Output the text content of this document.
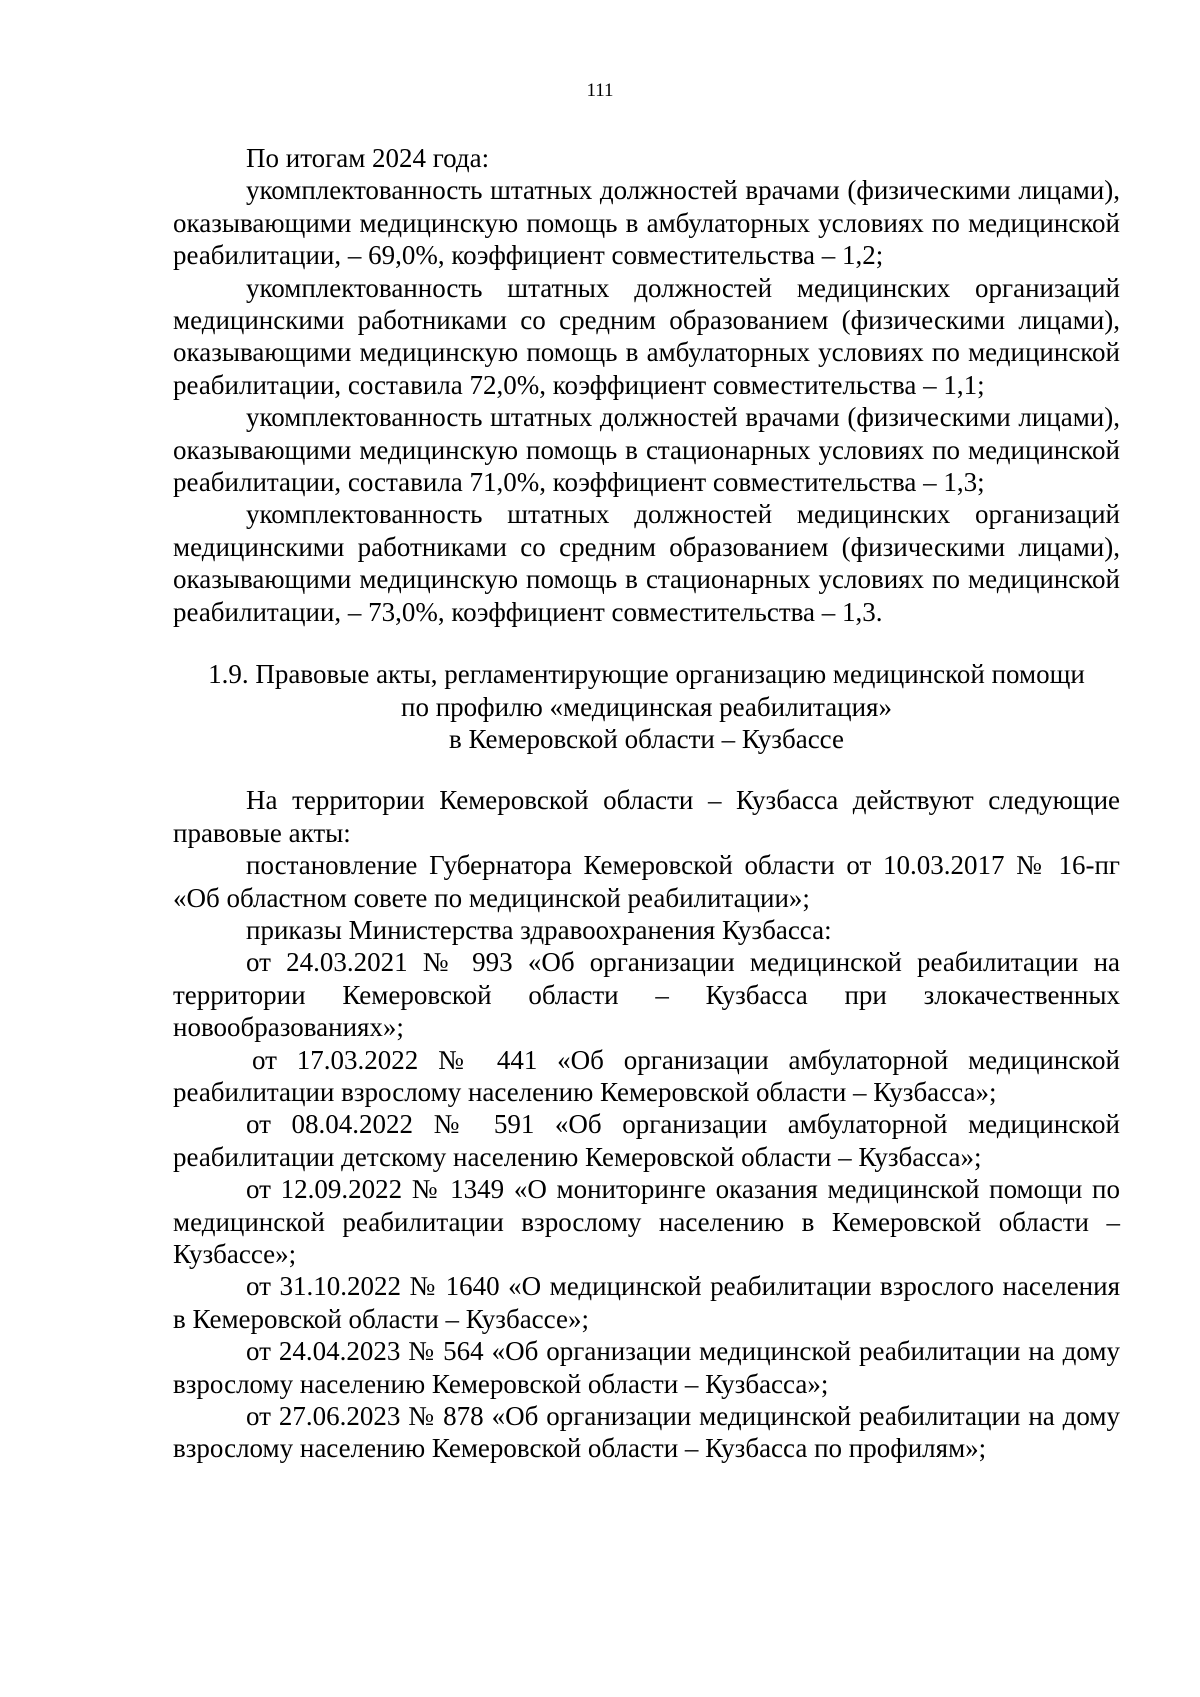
111

По итогам 2024 года:

укомплектованность штатных должностей врачами (физическими лицами), оказывающими медицинскую помощь в амбулаторных условиях по медицинской реабилитации, – 69,0%, коэффициент совместительства – 1,2;

укомплектованность штатных должностей медицинских организаций медицинскими работниками со средним образованием (физическими лицами), оказывающими медицинскую помощь в амбулаторных условиях по медицинской реабилитации, составила 72,0%, коэффициент совместительства – 1,1;

укомплектованность штатных должностей врачами (физическими лицами), оказывающими медицинскую помощь в стационарных условиях по медицинской реабилитации, составила 71,0%, коэффициент совместительства – 1,3;

укомплектованность штатных должностей медицинских организаций медицинскими работниками со средним образованием (физическими лицами), оказывающими медицинскую помощь в стационарных условиях по медицинской реабилитации, – 73,0%, коэффициент совместительства – 1,3.

1.9. Правовые акты, регламентирующие организацию медицинской помощи
по профилю «медицинская реабилитация»
в Кемеровской области – Кузбассе

На территории Кемеровской области – Кузбасса действуют следующие правовые акты:

постановление Губернатора Кемеровской области от 10.03.2017 № 16-пг «Об областном совете по медицинской реабилитации»;

приказы Министерства здравоохранения Кузбасса:

от 24.03.2021 № 993 «Об организации медицинской реабилитации на территории Кемеровской области – Кузбасса при злокачественных новообразованиях»;

от 17.03.2022 № 441 «Об организации амбулаторной медицинской реабилитации взрослому населению Кемеровской области – Кузбасса»;

от 08.04.2022 № 591 «Об организации амбулаторной медицинской реабилитации детскому населению Кемеровской области – Кузбасса»;

от 12.09.2022 № 1349 «О мониторинге оказания медицинской помощи по медицинской реабилитации взрослому населению в Кемеровской области – Кузбассе»;

от 31.10.2022 № 1640 «О медицинской реабилитации взрослого населения в Кемеровской области – Кузбассе»;

от 24.04.2023 № 564 «Об организации медицинской реабилитации на дому взрослому населению Кемеровской области – Кузбасса»;

от 27.06.2023 № 878 «Об организации медицинской реабилитации на дому взрослому населению Кемеровской области – Кузбасса по профилям»;
